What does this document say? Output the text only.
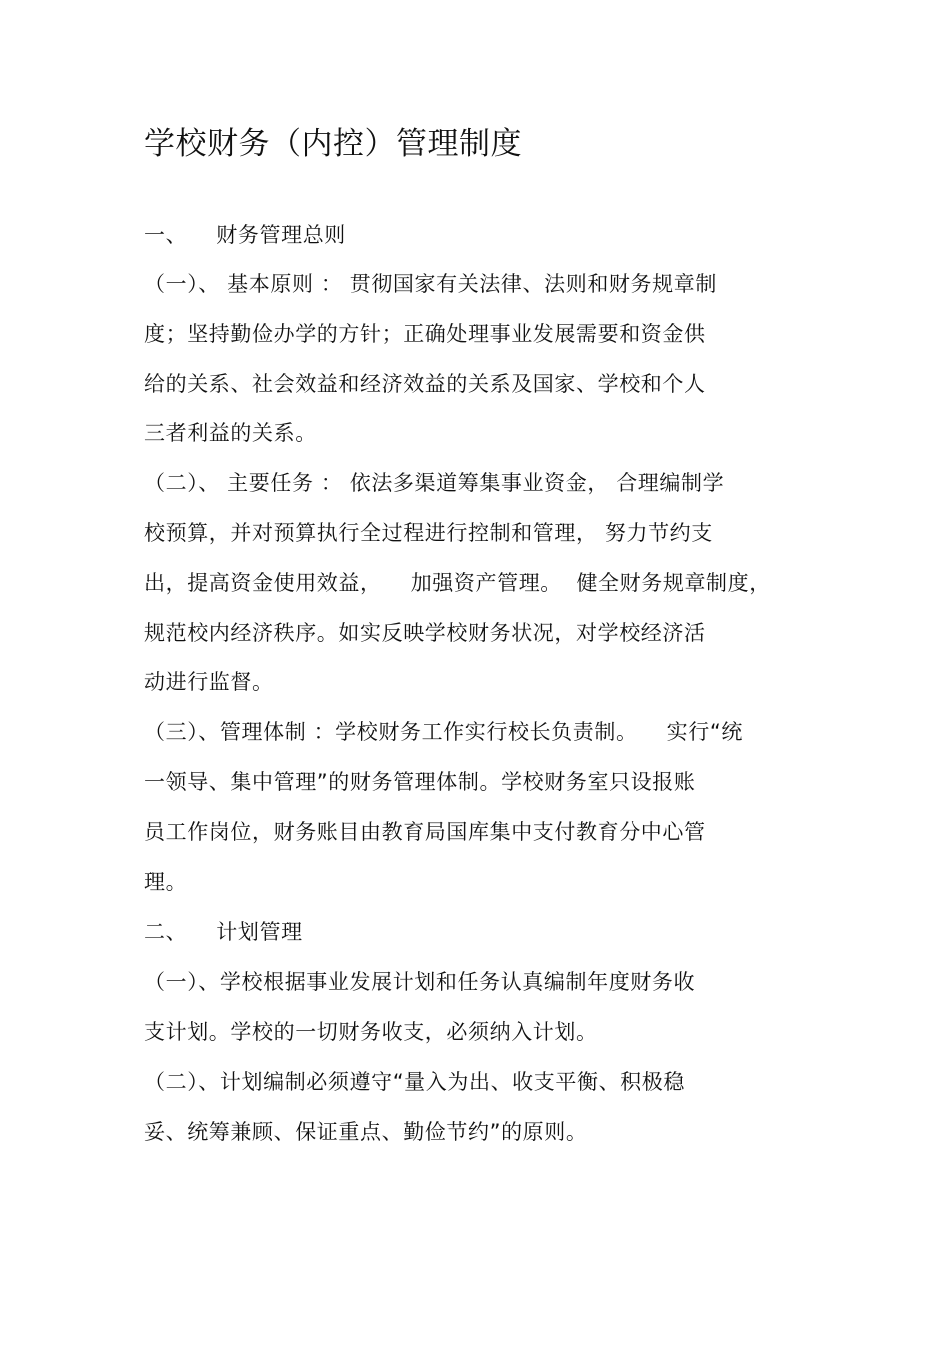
学校财务（内控）管理制度
一、    财务管理总则
（一）、 基本原则 ： 贯彻国家有关法律、法则和财务规章制
度；坚持勤俭办学的方针；正确处理事业发展需要和资金供
给的关系、社会效益和经济效益的关系及国家、学校和个人
三者利益的关系。
（二）、 主要任务 ： 依法多渠道筹集事业资金， 合理编制学
校预算，并对预算执行全过程进行控制和管理， 努力节约支
出，提高资金使用效益，    加强资产管理。  健全财务规章制度，
规范校内经济秩序。如实反映学校财务状况，对学校经济活
动进行监督。
（三）、管理体制 ：学校财务工作实行校长负责制。    实行“统
一领导、集中管理”的财务管理体制。学校财务室只设报账
员工作岗位，财务账目由教育局国库集中支付教育分中心管
理。
二、    计划管理
（一）、学校根据事业发展计划和任务认真编制年度财务收
支计划。学校的一切财务收支，必须纳入计划。
（二）、计划编制必须遵守“量入为出、收支平衡、积极稳
妥、统筹兼顾、保证重点、勤俭节约”的原则。
